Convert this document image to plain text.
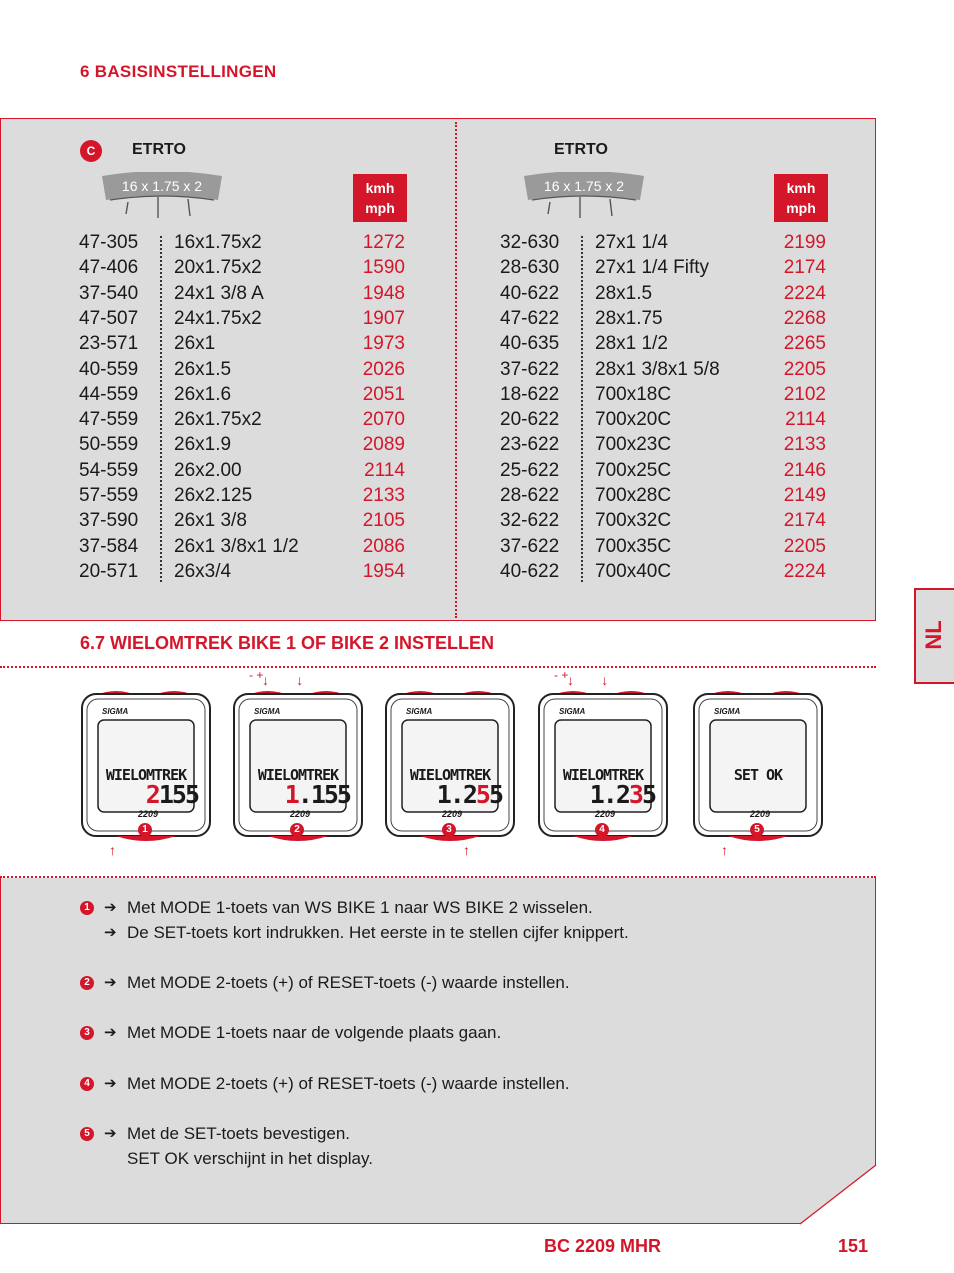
6 BASISINSTELLINGEN
C	ETRTO
16 x 1.75 x 2	kmh
mph
ETRTO
16 x 1.75 x 2	kmh
mph
47-305 16x1.75x2	1272
47-406 20x1.75x2	1590
37-540 24x1 3/8 A	1948
47-507 24x1.75x2	1907
23-571 26x1	1973
40-559 26x1.5	2026
44-559 26x1.6	2051
47-559 26x1.75x2	2070
50-559 26x1.9	2089
54-559 26x2.00	2114
57-559 26x2.125	2133
37-590 26x1 3/8	2105
37-584 26x1 3/8x1 1/2	2086
20-571 26x3/4	1954
32-630 27x1 1/4	2199
28-630 27x1 1/4 Fifty	2174
40-622 28x1.5	2224
47-622 28x1.75	2268
40-635 28x1 1/2	2265
37-622 28x1 3/8x1 5/8	2205
18-622 700x18C	2102
20-622 700x20C	2114
23-622 700x23C	2133
25-622 700x25C	2146
28-622 700x28C	2149
32-622 700x32C	2174
37-622 700x35C	2205
40-622 700x40C	2224
6.7 WIELOMTREK BIKE 1 OF BIKE 2 INSTELLEN
SIGMA
WIELOMTREK
2155
2209
1
↑
SIGMA
WIELOMTREK
1.155
2209
2
↓       ↓
- +
SIGMA
WIELOMTREK
1.255
2209
3
↑
SIGMA
WIELOMTREK
1.235
2209
4
↓       ↓
- +
SIGMA
SET OK
2209
5
↑
1 ➔ Met MODE 1-toets van WS BIKE 1 naar WS BIKE 2 wisselen.
➔ De SET-toets kort indrukken. Het eerste in te stellen cijfer knippert.
2 ➔ Met MODE 2-toets (+) of RESET-toets (-) waarde instellen.
3 ➔ Met MODE 1-toets naar de volgende plaats gaan.
4 ➔ Met MODE 2-toets (+) of RESET-toets (-) waarde instellen.
5 ➔ Met de SET-toets bevestigen.
SET OK verschijnt in het display.
NL
BC 2209 MHR	151
